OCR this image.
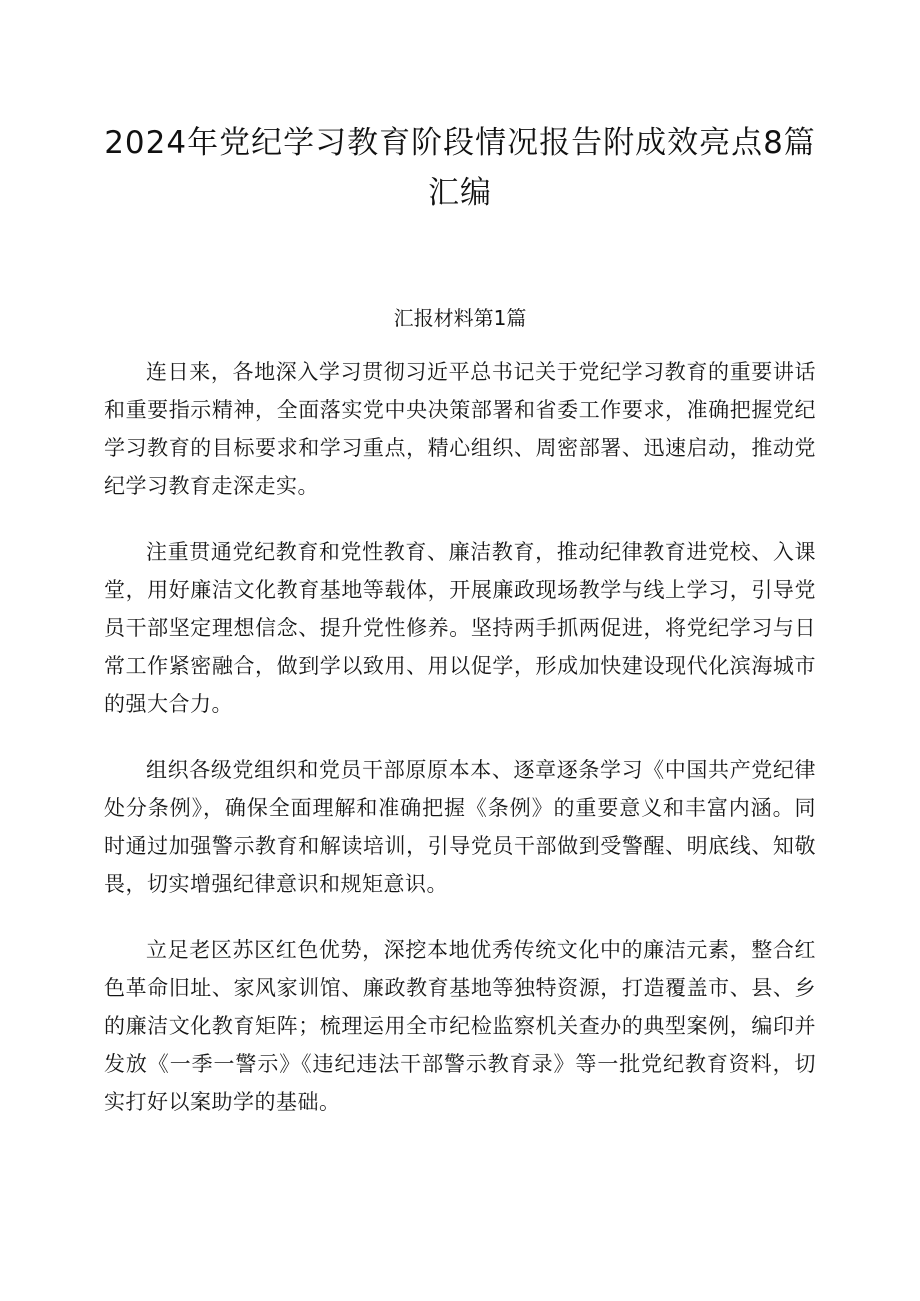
2024年党纪学习教育阶段情况报告附成效亮点8篇汇编
汇报材料第1篇

连日来，各地深入学习贯彻习近平总书记关于党纪学习教育的重要讲话和重要指示精神，全面落实党中央决策部署和省委工作要求，准确把握党纪学习教育的目标要求和学习重点，精心组织、周密部署、迅速启动，推动党纪学习教育走深走实。

注重贯通党纪教育和党性教育、廉洁教育，推动纪律教育进党校、入课堂，用好廉洁文化教育基地等载体，开展廉政现场教学与线上学习，引导党员干部坚定理想信念、提升党性修养。坚持两手抓两促进，将党纪学习与日常工作紧密融合，做到学以致用、用以促学，形成加快建设现代化滨海城市的强大合力。

组织各级党组织和党员干部原原本本、逐章逐条学习《中国共产党纪律处分条例》，确保全面理解和准确把握《条例》的重要意义和丰富内涵。同时通过加强警示教育和解读培训，引导党员干部做到受警醒、明底线、知敬畏，切实增强纪律意识和规矩意识。

立足老区苏区红色优势，深挖本地优秀传统文化中的廉洁元素，整合红色革命旧址、家风家训馆、廉政教育基地等独特资源，打造覆盖市、县、乡的廉洁文化教育矩阵；梳理运用全市纪检监察机关查办的典型案例，编印并发放《一季一警示》《违纪违法干部警示教育录》等一批党纪教育资料，切实打好以案助学的基础。
